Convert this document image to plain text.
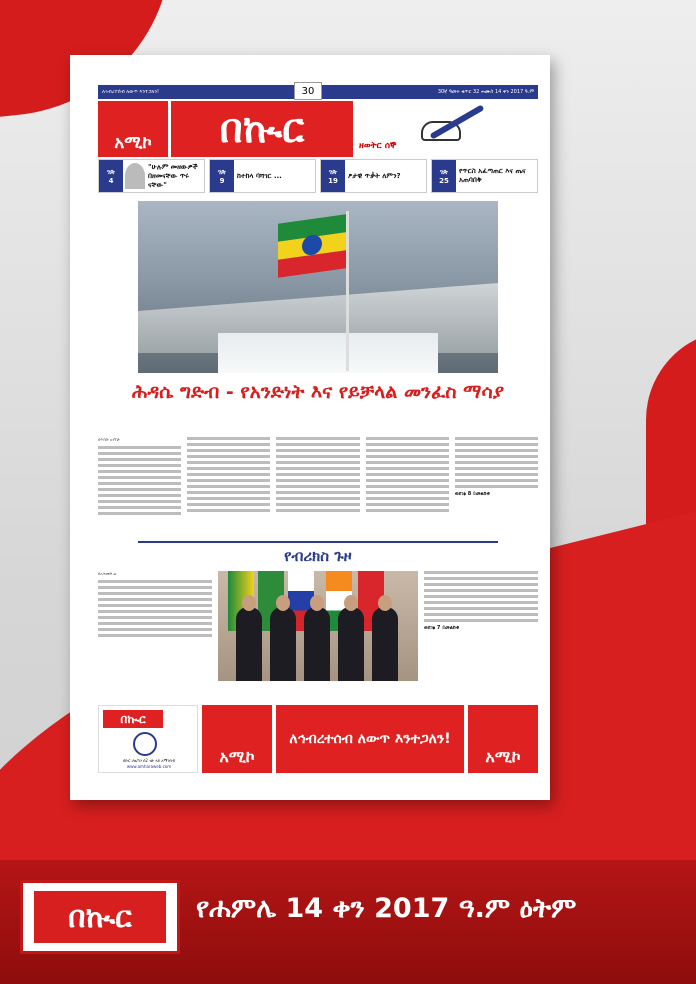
ለኅብረተሰብ ለውጥ እንተጋለን!	30ኛ ዓመት ቁጥር 32 ሐሙስ 14 ቀን 2017 ዓ.ም
30
አሚኮ	በኲር	ዘወትር ሰኞ
ገጽ
4
"ሁሉም መዘውዎች በዘመናቸው ጥሩ ናቸው"
ገጽ
9
ከተከላ ባሻገር ...	ገጽ
19
ፆታዊ ጥቃት ለምን?	ገጽ
25
የጥርስ አፈጣጠር እና ጤና አጠባበቅ
ሕዳሴ ግድብ - የአንድነት እና የይቻላል መንፈስ ማሳያ
በጥበቡ አገኘሁ
ወደገፅ 8 ይመልከቱ
የብሪክስ ጉዞ
በአሕመድ ሬ
ወደገፅ 7 ይመልከቱ
በኲር
በኩር ጋዜጣን በ2 ገጽ ላይ ለማንበብ
www.amharaweb.com
አሚኮ
ለኅብረተሰብ ለውጥ እንተጋለን!
አሚኮ
በኲር	የሐምሌ 14 ቀን 2017 ዓ.ም ዕትም
